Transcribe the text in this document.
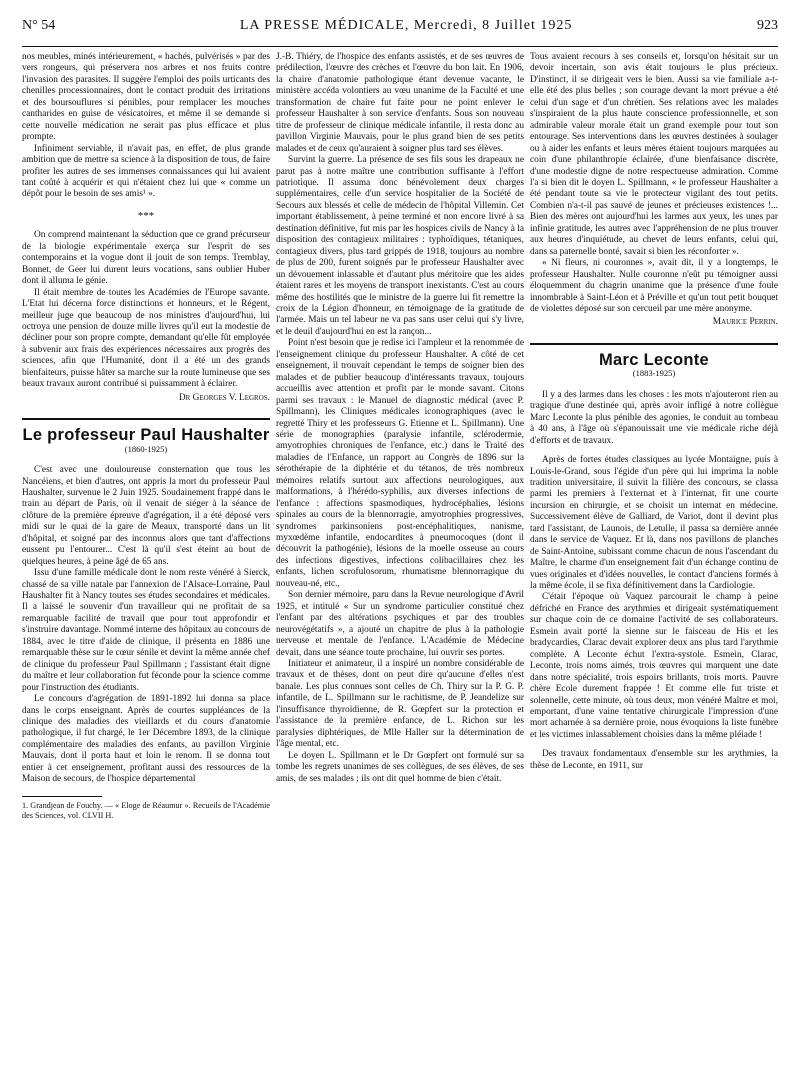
N° 54	LA PRESSE MÉDICALE, Mercredi, 8 Juillet 1925	923

nos meubles, minés intérieurement, « hachés, pulvérisés » par des vers rongeurs, qui préservera nos arbres et nos fruits contre l'invasion des parasites. Il suggère l'emploi des poils urticants des chenilles processionnaires, dont le contact produit des irritations et des boursouflures si pénibles, pour remplacer les mouches cantharides en guise de vésicatoires, et même il se demande si cette nouvelle médication ne serait pas plus efficace et plus prompte.

Infiniment serviable, il n'avait pas, en effet, de plus grande ambition que de mettre sa science à la disposition de tous, de faire profiter les autres de ses immenses connaissances qui lui avaient tant coûté à acquérir et qui n'étaient chez lui que « comme un dépôt pour le besoin de ses amis¹ ».

***

On comprend maintenant la séduction que ce grand précurseur de la biologie expérimentale exerça sur l'esprit de ses contemporains et la vogue dont il jouit de son temps. Tremblay, Bonnet, de Geer lui durent leurs vocations, sans oublier Huber dont il alluma le génie.

Il était membre de toutes les Académies de l'Europe savante. L'Etat lui décerna force distinctions et honneurs, et le Régent, meilleur juge que beaucoup de nos ministres d'aujourd'hui, lui octroya une pension de douze mille livres qu'il eut la modestie de décliner pour son propre compte, demandant qu'elle fût employée à subvenir aux frais des expériences nécessaires aux progrès des sciences, afin que l'Humanité, dont il a été un des grands bienfaiteurs, puisse hâter sa marche sur la route lumineuse que ses beaux travaux auront contribué si puissamment à éclairer.

Dr Georges V. Legros.

Le professeur Paul Haushalter
(1860-1925)

C'est avec une douloureuse consternation que tous les Nancéiens, et bien d'autres, ont appris la mort du professeur Paul Haushalter, survenue le 2 Juin 1925. Soudainement frappé dans le train au départ de Paris, où il venait de siéger à la séance de clôture de la première épreuve d'agrégation, il a été déposé vers midi sur le quai de la gare de Meaux, transporté dans un lit d'hôpital, et soigné par des inconnus alors que tant d'affections eussent pu l'entourer... C'est là qu'il s'est éteint au bout de quelques heures, à peine âgé de 65 ans.

Issu d'une famille médicale dont le nom reste vénéré à Sierck, chassé de sa ville natale par l'annexion de l'Alsace-Lorraine, Paul Haushalter fit à Nancy toutes ses études secondaires et médicales. Il a laissé le souvenir d'un travailleur qui ne profitait de sa remarquable facilité de travail que pour tout approfondir et s'instruire davantage. Nommé interne des hôpitaux au concours de 1884, avec le titre d'aide de clinique, il présenta en 1886 une remarquable thèse sur le cœur sénile et devint la même année chef de clinique du professeur Paul Spillmann ; l'assistant était digne du maître et leur collaboration fut féconde pour la science comme pour l'instruction des étudiants.

Le concours d'agrégation de 1891-1892 lui donna sa place dans le corps enseignant. Après de courtes suppléances de la clinique des maladies des vieillards et du cours d'anatomie pathologique, il fut chargé, le 1er Décembre 1893, de la clinique complémentaire des maladies des enfants, au pavillon Virginie Mauvais, dont il porta haut et loin le renom. Il se donna tout entier à cet enseignement, profitant aussi des ressources de la Maison de secours, de l'hospice départemental

1. Grandjean de Fouchy. — « Eloge de Réaumur ». Recueils de l'Académie des Sciences, vol. CLVII H.

J.-B. Thiéry, de l'hospice des enfants assistés, et de ses œuvres de prédilection, l'œuvre des crèches et l'œuvre du bon lait. En 1906, la chaire d'anatomie pathologique étant devenue vacante, le ministère accéda volontiers au vœu unanime de la Faculté et une transformation de chaire fut faite pour ne point enlever le professeur Haushalter à son service d'enfants. Sous son nouveau titre de professeur de clinique médicale infantile, il resta donc au pavillon Virginie Mauvais, pour le plus grand bien de ses petits malades et de ceux qu'auraient à soigner plus tard ses élèves.

Survint la guerre. La présence de ses fils sous les drapeaux ne parut pas à notre maître une contribution suffisante à l'effort patriotique. Il assuma donc bénévolement deux charges supplémentaires, celle d'un service hospitalier de la Société de Secours aux blessés et celle de médecin de l'hôpital Villemin. Cet important établissement, à peine terminé et non encore livré à sa destination définitive, fut mis par les hospices civils de Nancy à la disposition des contagieux militaires : typhoïdiques, tétaniques, contagieux divers, plus tard grippés de 1918, toujours au nombre de plus de 200, furent soignés par le professeur Haushalter avec un dévouement inlassable et d'autant plus méritoire que les aides étaient rares et les moyens de transport inexistants. C'est au cours même des hostilités que le ministre de la guerre lui fit remettre la croix de la Légion d'honneur, en témoignage de la gratitude de l'armée. Mais un tel labeur ne va pas sans user celui qui s'y livre, et le deuil d'aujourd'hui en est la rançon...

Point n'est besoin que je redise ici l'ampleur et la renommée de l'enseignement clinique du professeur Haushalter. A côté de cet enseignement, il trouvait cependant le temps de soigner bien des malades et de publier beaucoup d'intéressants travaux, toujours accueillis avec attention et profit par le monde savant. Citons parmi ses travaux : le Manuel de diagnostic médical (avec P. Spillmann), les Cliniques médicales iconographiques (avec le regretté Thiry et les professeurs G. Etienne et L. Spillmann). Une série de monographies (paralysie infantile, sclérodermie, amyotrophies chroniques de l'enfance, etc.) dans le Traité des maladies de l'Enfance, un rapport au Congrès de 1896 sur la sérothérapie de la diphtérie et du tétanos, de très nombreux mémoires relatifs surtout aux affections neurologiques, aux malformations, à l'hérédo-syphilis, aux diverses infections de l'enfance : affections spasmodiques, hydrocéphalies, lésions spinales au cours de la blennorragie, amyotrophies progressives, syndromes parkinsoniens post-encéphalitiques, nanisme, myxœdème infantile, endocardites à pneumocoques (dont il découvrit la pathogénie), lésions de la moelle osseuse au cours des infections digestives, infections colibacillaires chez les enfants, lichen scrofulosorum, rhumatisme blennorragique du nouveau-né, etc.,

Son dernier mémoire, paru dans la Revue neurologique d'Avril 1925, et intitulé « Sur un syndrome particulier constitué chez l'enfant par des altérations psychiques et par des troubles neurovégétatifs », a ajouté un chapitre de plus à la pathologie nerveuse et mentale de l'enfance. L'Académie de Médecine devait, dans une séance toute prochaine, lui ouvrir ses portes.

Initiateur et animateur, il a inspiré un nombre considérable de travaux et de thèses, dont on peut dire qu'aucune d'elles n'est banale. Les plus connues sont celles de Ch. Thiry sur la P. G. P. infantile, de L. Spillmann sur le rachitisme, de P. Jeandelize sur l'insuffisance thyroïdienne, de R. Gœpfert sur la protection et l'assistance de la première enfance, de L. Richon sur les paralysies diphtériques, de Mlle Haller sur la détermination de l'âge mental, etc.

Le doyen L. Spillmann et le Dr Gœpfert ont formulé sur sa tombe les regrets unanimes de ses collègues, de ses élèves, de ses amis, de ses malades ; ils ont dit quel homme de bien c'était.

Tous avaient recours à ses conseils et, lorsqu'on hésitait sur un devoir incertain, son avis était toujours le plus précieux. D'instinct, il se dirigeait vers le bien. Aussi sa vie familiale a-t-elle été des plus belles ; son courage devant la mort prévue a été celui d'un sage et d'un chrétien. Ses relations avec les malades s'inspiraient de la plus haute conscience professionnelle, et son admirable valeur morale était un grand exemple pour tout son entourage. Ses interventions dans les œuvres destinées à soulager ou à aider les enfants et leurs mères étaient toujours marquées au coin d'une philanthropie éclairée, d'une bienfaisance discrète, d'une modestie digne de notre respectueuse admiration. Comme l'a si bien dit le doyen L. Spillmann, « le professeur Haushalter a été pendant toute sa vie le protecteur vigilant des tout petits. Combien n'a-t-il pas sauvé de jeunes et précieuses existences !... Bien des mères ont aujourd'hui les larmes aux yeux, les unes par infinie gratitude, les autres avec l'appréhension de ne plus trouver aux heures d'inquiétude, au chevet de leurs enfants, celui qui, dans sa paternelle bonté, savait si bien les réconforter ».

« Ni fleurs, ni couronnes », avait dit, il y a longtemps, le professeur Haushalter. Nulle couronne n'eût pu témoigner aussi éloquemment du chagrin unanime que la présence d'une foule innombrable à Saint-Léon et à Préville et qu'un tout petit bouquet de violettes déposé sur son cercueil par une mère anonyme.

Maurice Perrin.

Marc Leconte
(1883-1925)

Il y a des larmes dans les choses : les mots n'ajouteront rien au tragique d'une destinée qui, après avoir infligé à notre collègue Marc Leconte la plus pénible des agonies, le conduit au tombeau à 40 ans, à l'âge où s'épanouissait une vie médicale riche déjà d'efforts et de travaux.

Après de fortes études classiques au lycée Montaigne, puis à Louis-le-Grand, sous l'égide d'un père qui lui imprima la noble tradition universitaire, il suivit la filière des concours, se classa parmi les premiers à l'externat et à l'internat, fit une courte incursion en chirurgie, et se choisit un internat en médecine. Successivement élève de Galliard, de Variot, dont il devint plus tard l'assistant, de Launois, de Letulle, il passa sa dernière année dans le service de Vaquez. Et là, dans nos pavillons de planches de Saint-Antoine, subissant comme chacun de nous l'ascendant du Maître, le charme d'un enseignement fait d'un échange continu de vues originales et d'idées nouvelles, le contact d'anciens formés à la même école, il se fixa définitivement dans la Cardiologie.

C'était l'époque où Vaquez parcourait le champ à peine défriché en France des arythmies et dirigeait systématiquement sur chaque coin de ce domaine l'activité de ses collaborateurs. Esmein avait porté la sienne sur le faisceau de His et les bradycardies, Clarac devait explorer deux ans plus tard l'arythmie complète. A Leconte échut l'extra-systole. Esmein, Clarac, Leconte, trois noms aimés, trois œuvres qui marquent une date dans notre spécialité, trois espoirs brillants, trois morts. Pauvre chère Ecole durement frappée ! Et comme elle fut triste et solennelle, cette minute, où tous deux, mon vénéré Maître et moi, emportant, d'une vaine tentative chirurgicale l'impression d'une mort acharnée à sa dernière proie, nous évoquions la liste funèbre et les victimes inlassablement choisies dans la même pléiade !

Des travaux fondamentaux d'ensemble sur les arythmies, la thèse de Leconte, en 1911, sur
